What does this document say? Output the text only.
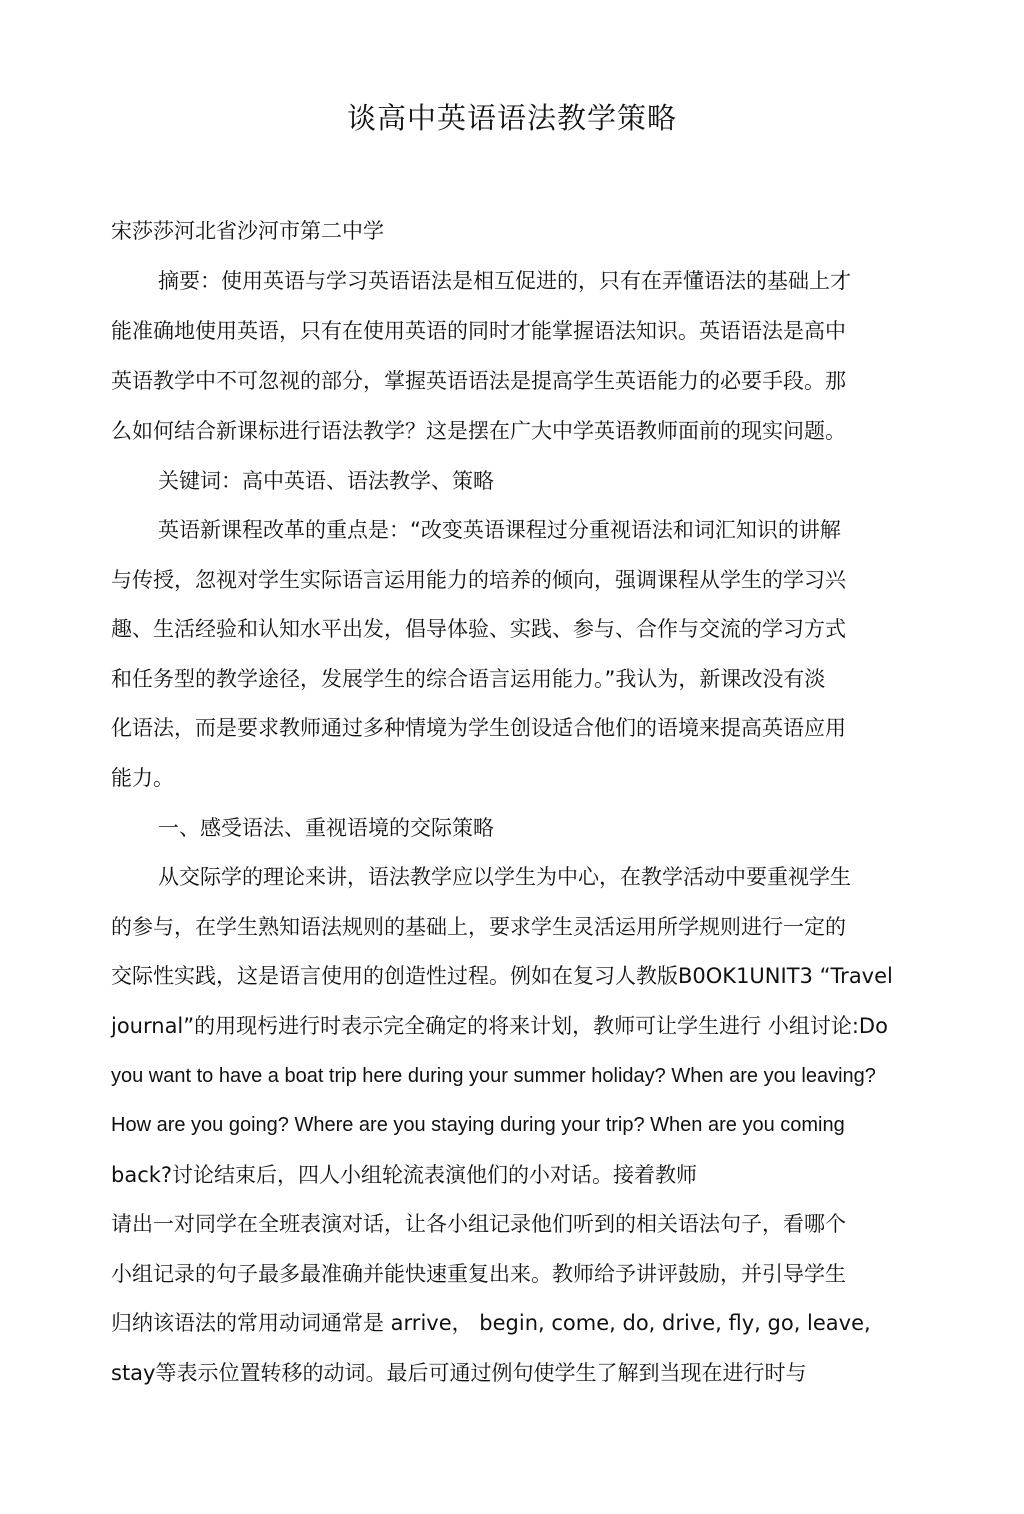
谈高中英语语法教学策略
宋莎莎河北省沙河市第二中学
摘要：使用英语与学习英语语法是相互促进的，只有在弄懂语法的基础上才
能准确地使用英语，只有在使用英语的同时才能掌握语法知识。英语语法是高中
英语教学中不可忽视的部分，掌握英语语法是提高学生英语能力的必要手段。那
么如何结合新课标进行语法教学？这是摆在广大中学英语教师面前的现实问题。
关键词：高中英语、语法教学、策略
英语新课程改革的重点是：“改变英语课程过分重视语法和词汇知识的讲解
与传授，忽视对学生实际语言运用能力的培养的倾向，强调课程从学生的学习兴
趣、生活经验和认知水平出发，倡导体验、实践、参与、合作与交流的学习方式
和任务型的教学途径，发展学生的综合语言运用能力。”我认为，新课改没有淡
化语法，而是要求教师通过多种情境为学生创设适合他们的语境来提高英语应用
能力。
一、感受语法、重视语境的交际策略
从交际学的理论来讲，语法教学应以学生为中心，在教学活动中要重视学生
的参与，在学生熟知语法规则的基础上，要求学生灵活运用所学规则进行一定的
交际性实践，这是语言使用的创造性过程。例如在复习人教版B0OK1UNIT3 “Travel
journal”的用现杇进行时表示完全确定的将来计划，教师可让学生进行 小组讨论:Do
you want to have a boat trip here during your summer holiday? When are you leaving?
How are you going? Where are you staying during your trip? When are you coming
back?讨论结束后，四人小组轮流表演他们的小对话。接着教师
请出一对同学在全班表演对话，让各小组记录他们听到的相关语法句子，看哪个
小组记录的句子最多最准确并能快速重复出来。教师给予讲评鼓励，并引导学生
归纳该语法的常用动词通常是 arrive， begin, come, do, drive, fly, go, leave,
stay等表示位置转移的动词。最后可通过例句使学生了解到当现在进行时与
